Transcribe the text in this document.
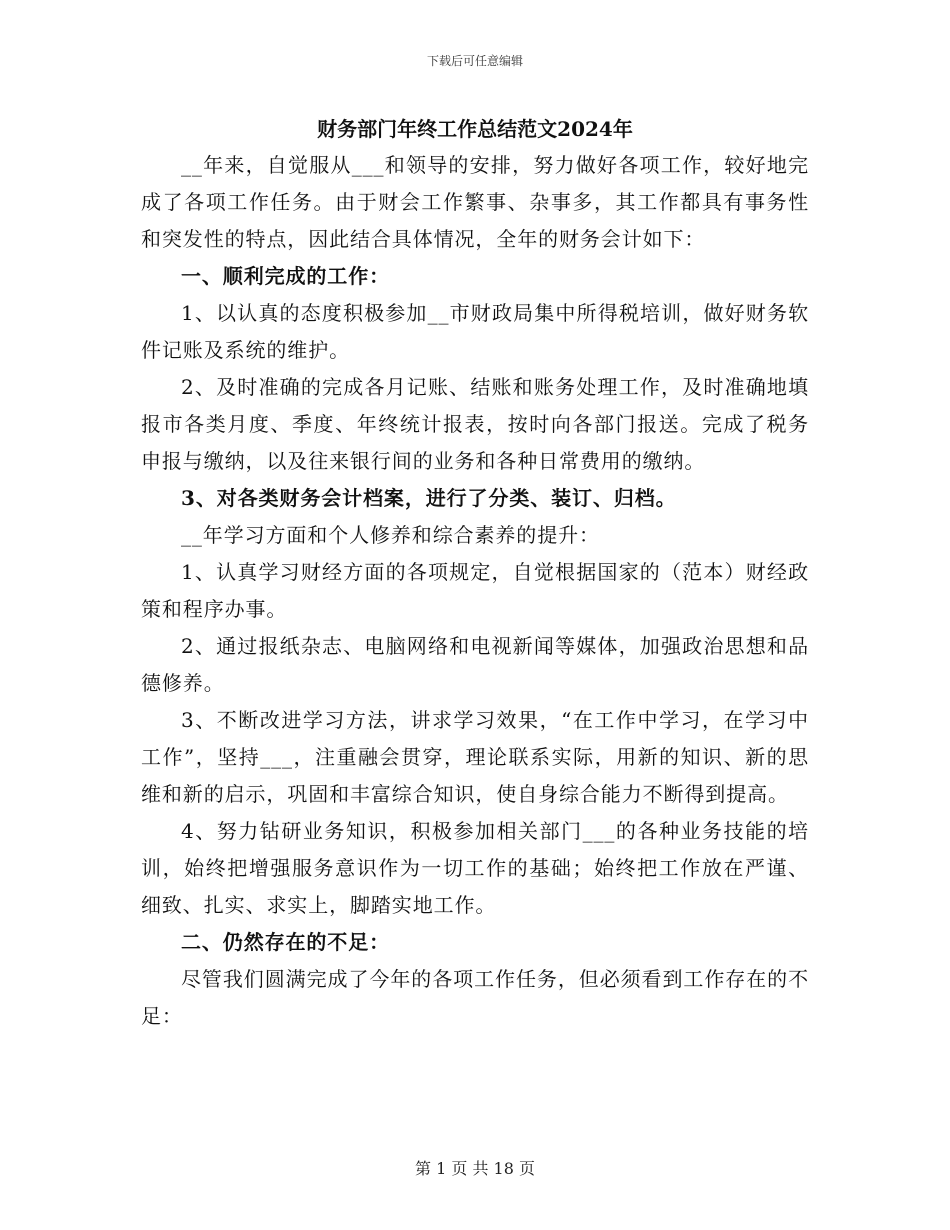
下载后可任意编辑
财务部门年终工作总结范文2024年

__年来，自觉服从___和领导的安排，努力做好各项工作，较好地完成了各项工作任务。由于财会工作繁事、杂事多，其工作都具有事务性和突发性的特点，因此结合具体情况，全年的财务会计如下：

一、顺利完成的工作：

1、以认真的态度积极参加__市财政局集中所得税培训，做好财务软件记账及系统的维护。

2、及时准确的完成各月记账、结账和账务处理工作，及时准确地填报市各类月度、季度、年终统计报表，按时向各部门报送。完成了税务申报与缴纳，以及往来银行间的业务和各种日常费用的缴纳。

3、对各类财务会计档案，进行了分类、装订、归档。

__年学习方面和个人修养和综合素养的提升：

1、认真学习财经方面的各项规定，自觉根据国家的（范本）财经政策和程序办事。

2、通过报纸杂志、电脑网络和电视新闻等媒体，加强政治思想和品德修养。

3、不断改进学习方法，讲求学习效果，“在工作中学习，在学习中工作”，坚持___，注重融会贯穿，理论联系实际，用新的知识、新的思维和新的启示，巩固和丰富综合知识，使自身综合能力不断得到提高。

4、努力钻研业务知识，积极参加相关部门___的各种业务技能的培训，始终把增强服务意识作为一切工作的基础；始终把工作放在严谨、细致、扎实、求实上，脚踏实地工作。

二、仍然存在的不足：

尽管我们圆满完成了今年的各项工作任务，但必须看到工作存在的不足：

第 1 页 共 18 页
